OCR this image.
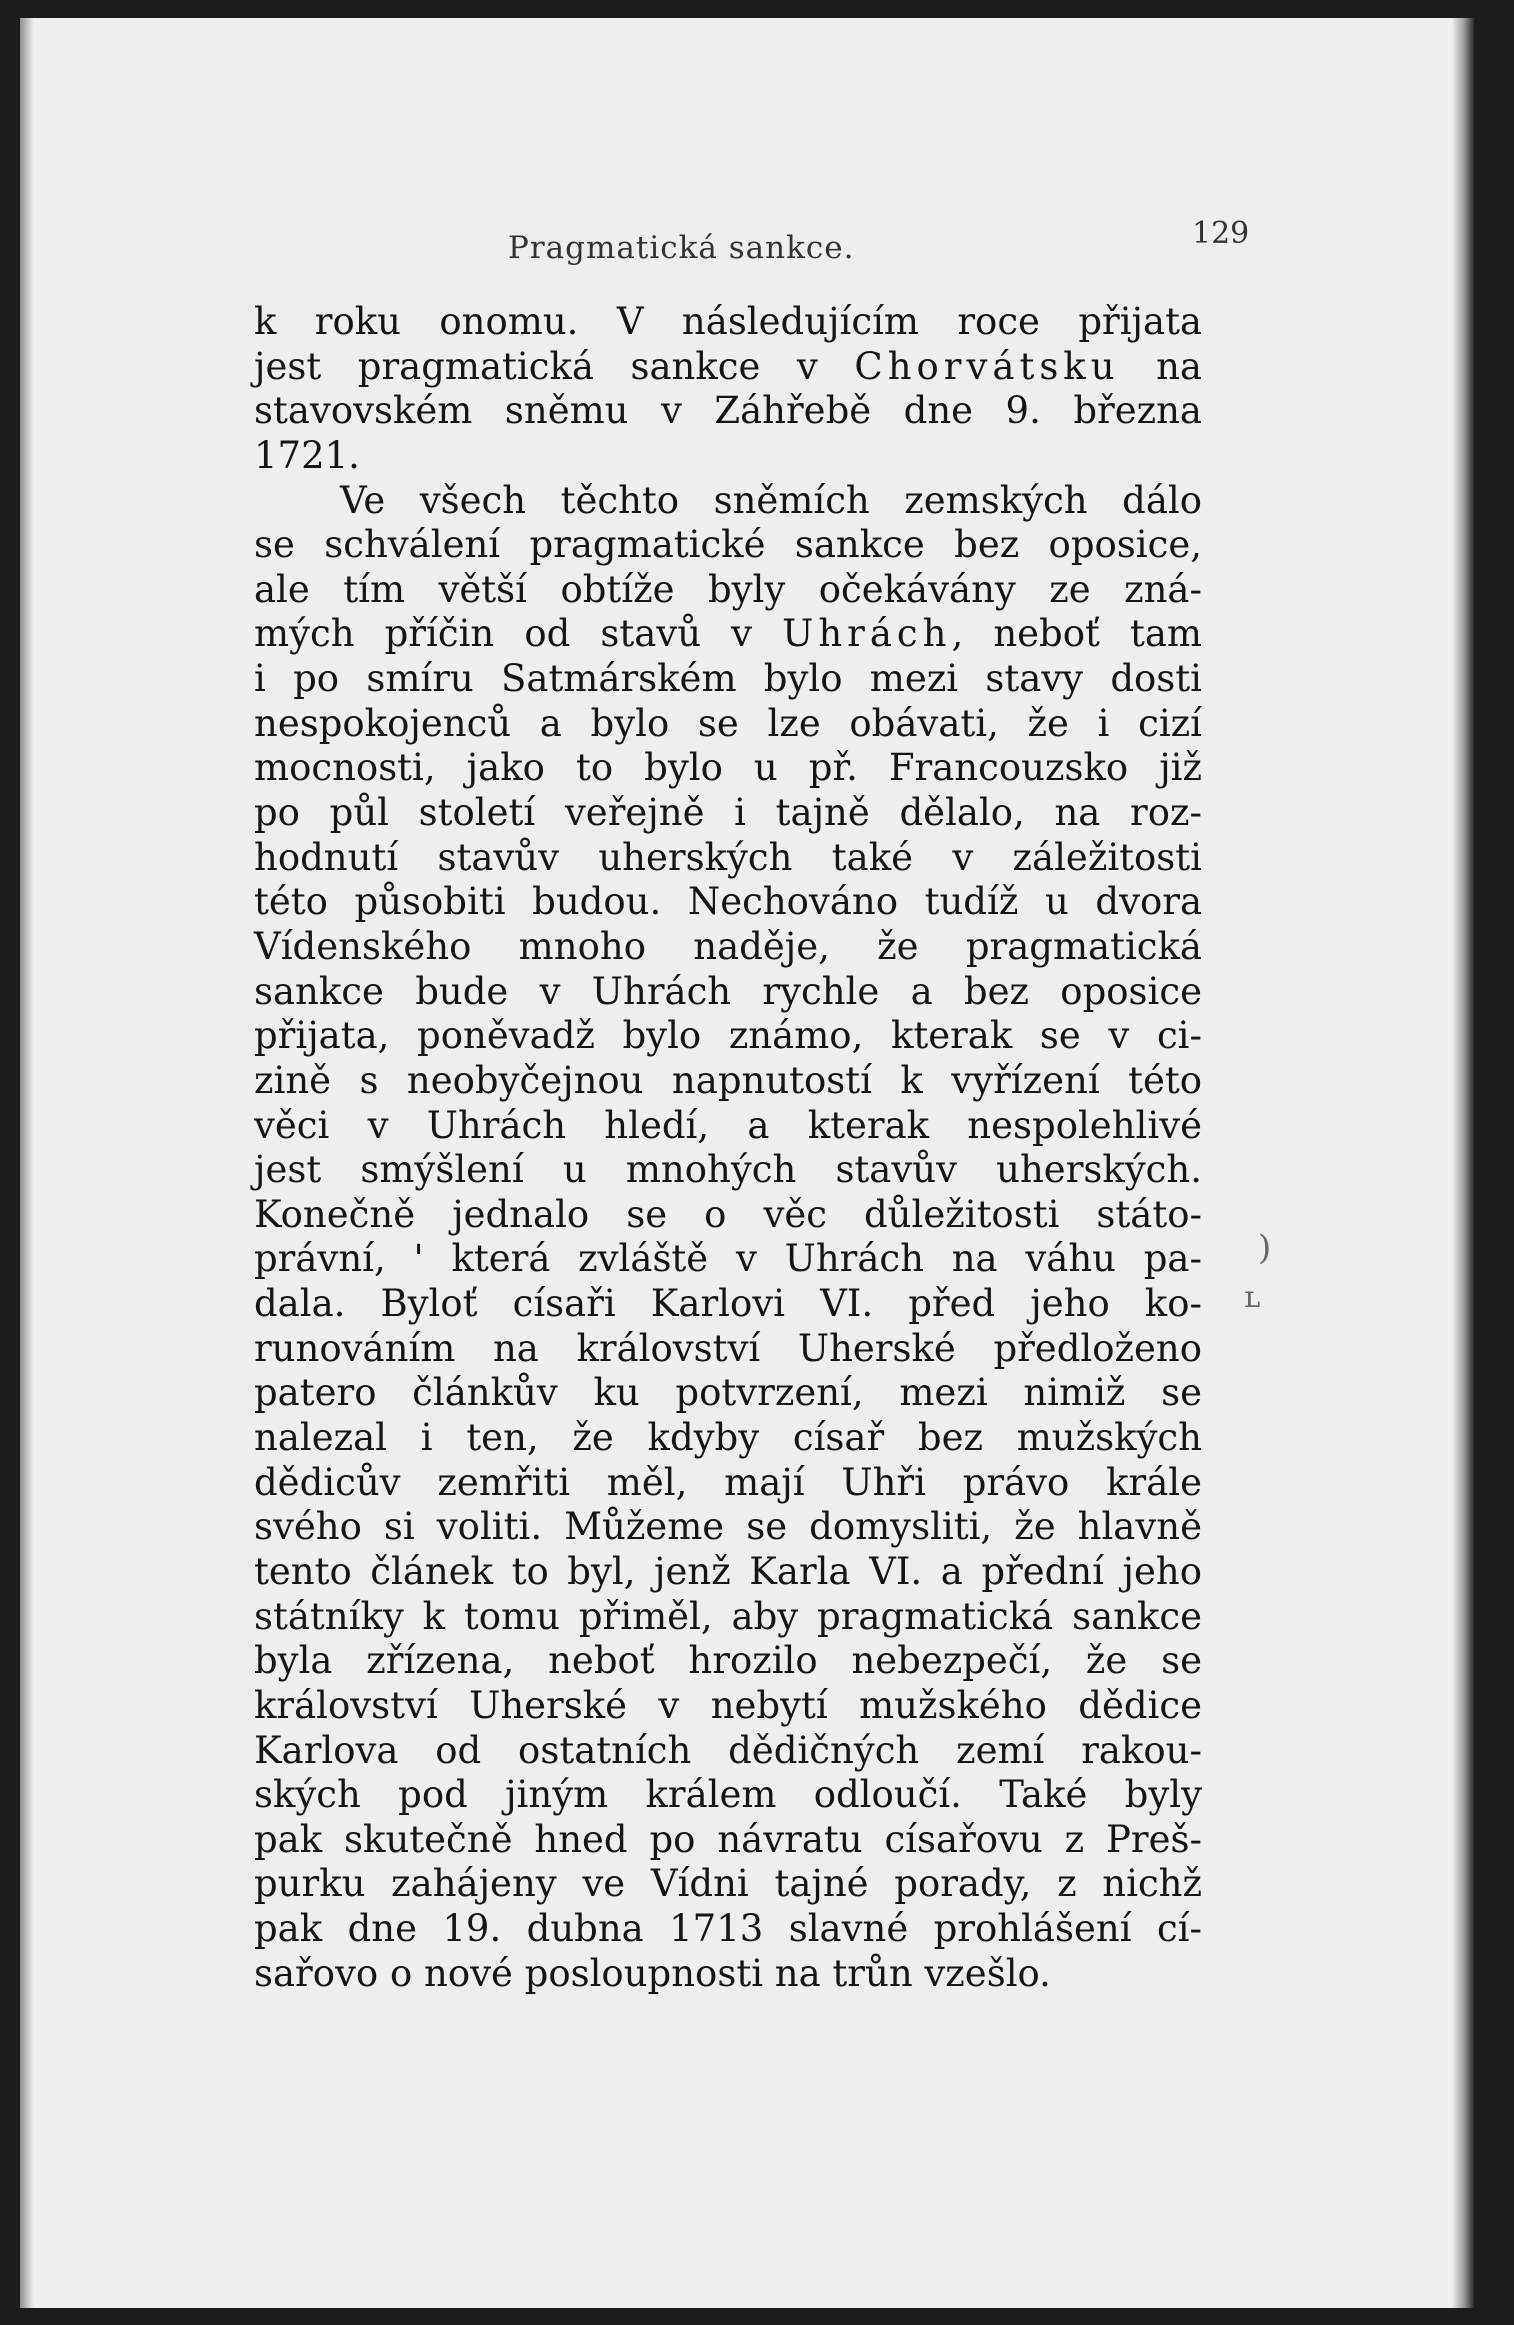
Pragmatická sankce.	129
k roku onomu. V následujícím roce přijata
jest pragmatická sankce v Chorvátsku na
stavovském sněmu v Záhřebě dne 9. března
1721.
Ve všech těchto sněmích zemských dálo
se schválení pragmatické sankce bez oposice,
ale tím větší obtíže byly očekávány ze zná-
mých příčin od stavů v Uhrách, neboť tam
i po smíru Satmárském bylo mezi stavy dosti
nespokojenců a bylo se lze obávati, že i cizí
mocnosti, jako to bylo u př. Francouzsko již
po půl století veřejně i tajně dělalo, na roz-
hodnutí stavův uherských také v záležitosti
této působiti budou. Nechováno tudíž u dvora
Vídenského mnoho naděje, že pragmatická
sankce bude v Uhrách rychle a bez oposice
přijata, poněvadž bylo známo, kterak se v ci-
zině s neobyčejnou napnutostí k vyřízení této
věci v Uhrách hledí, a kterak nespolehlivé
jest smýšlení u mnohých stavův uherských.
Konečně jednalo se o věc důležitosti státo-
právní, ' která zvláště v Uhrách na váhu pa-
dala. Byloť císaři Karlovi VI. před jeho ko-
runováním na království Uherské předloženo
patero článkův ku potvrzení, mezi nimiž se
nalezal i ten, že kdyby císař bez mužských
dědicův zemřiti měl, mají Uhři právo krále
svého si voliti. Můžeme se domysliti, že hlavně
tento článek to byl, jenž Karla VI. a přední jeho
státníky k tomu přiměl, aby pragmatická sankce
byla zřízena, neboť hrozilo nebezpečí, že se
království Uherské v nebytí mužského dědice
Karlova od ostatních dědičných zemí rakou-
ských pod jiným králem odloučí. Také byly
pak skutečně hned po návratu císařovu z Preš-
purku zahájeny ve Vídni tajné porady, z nichž
pak dne 19. dubna 1713 slavné prohlášení cí-
sařovo o nové posloupnosti na trůn vzešlo.
)
ʟ
